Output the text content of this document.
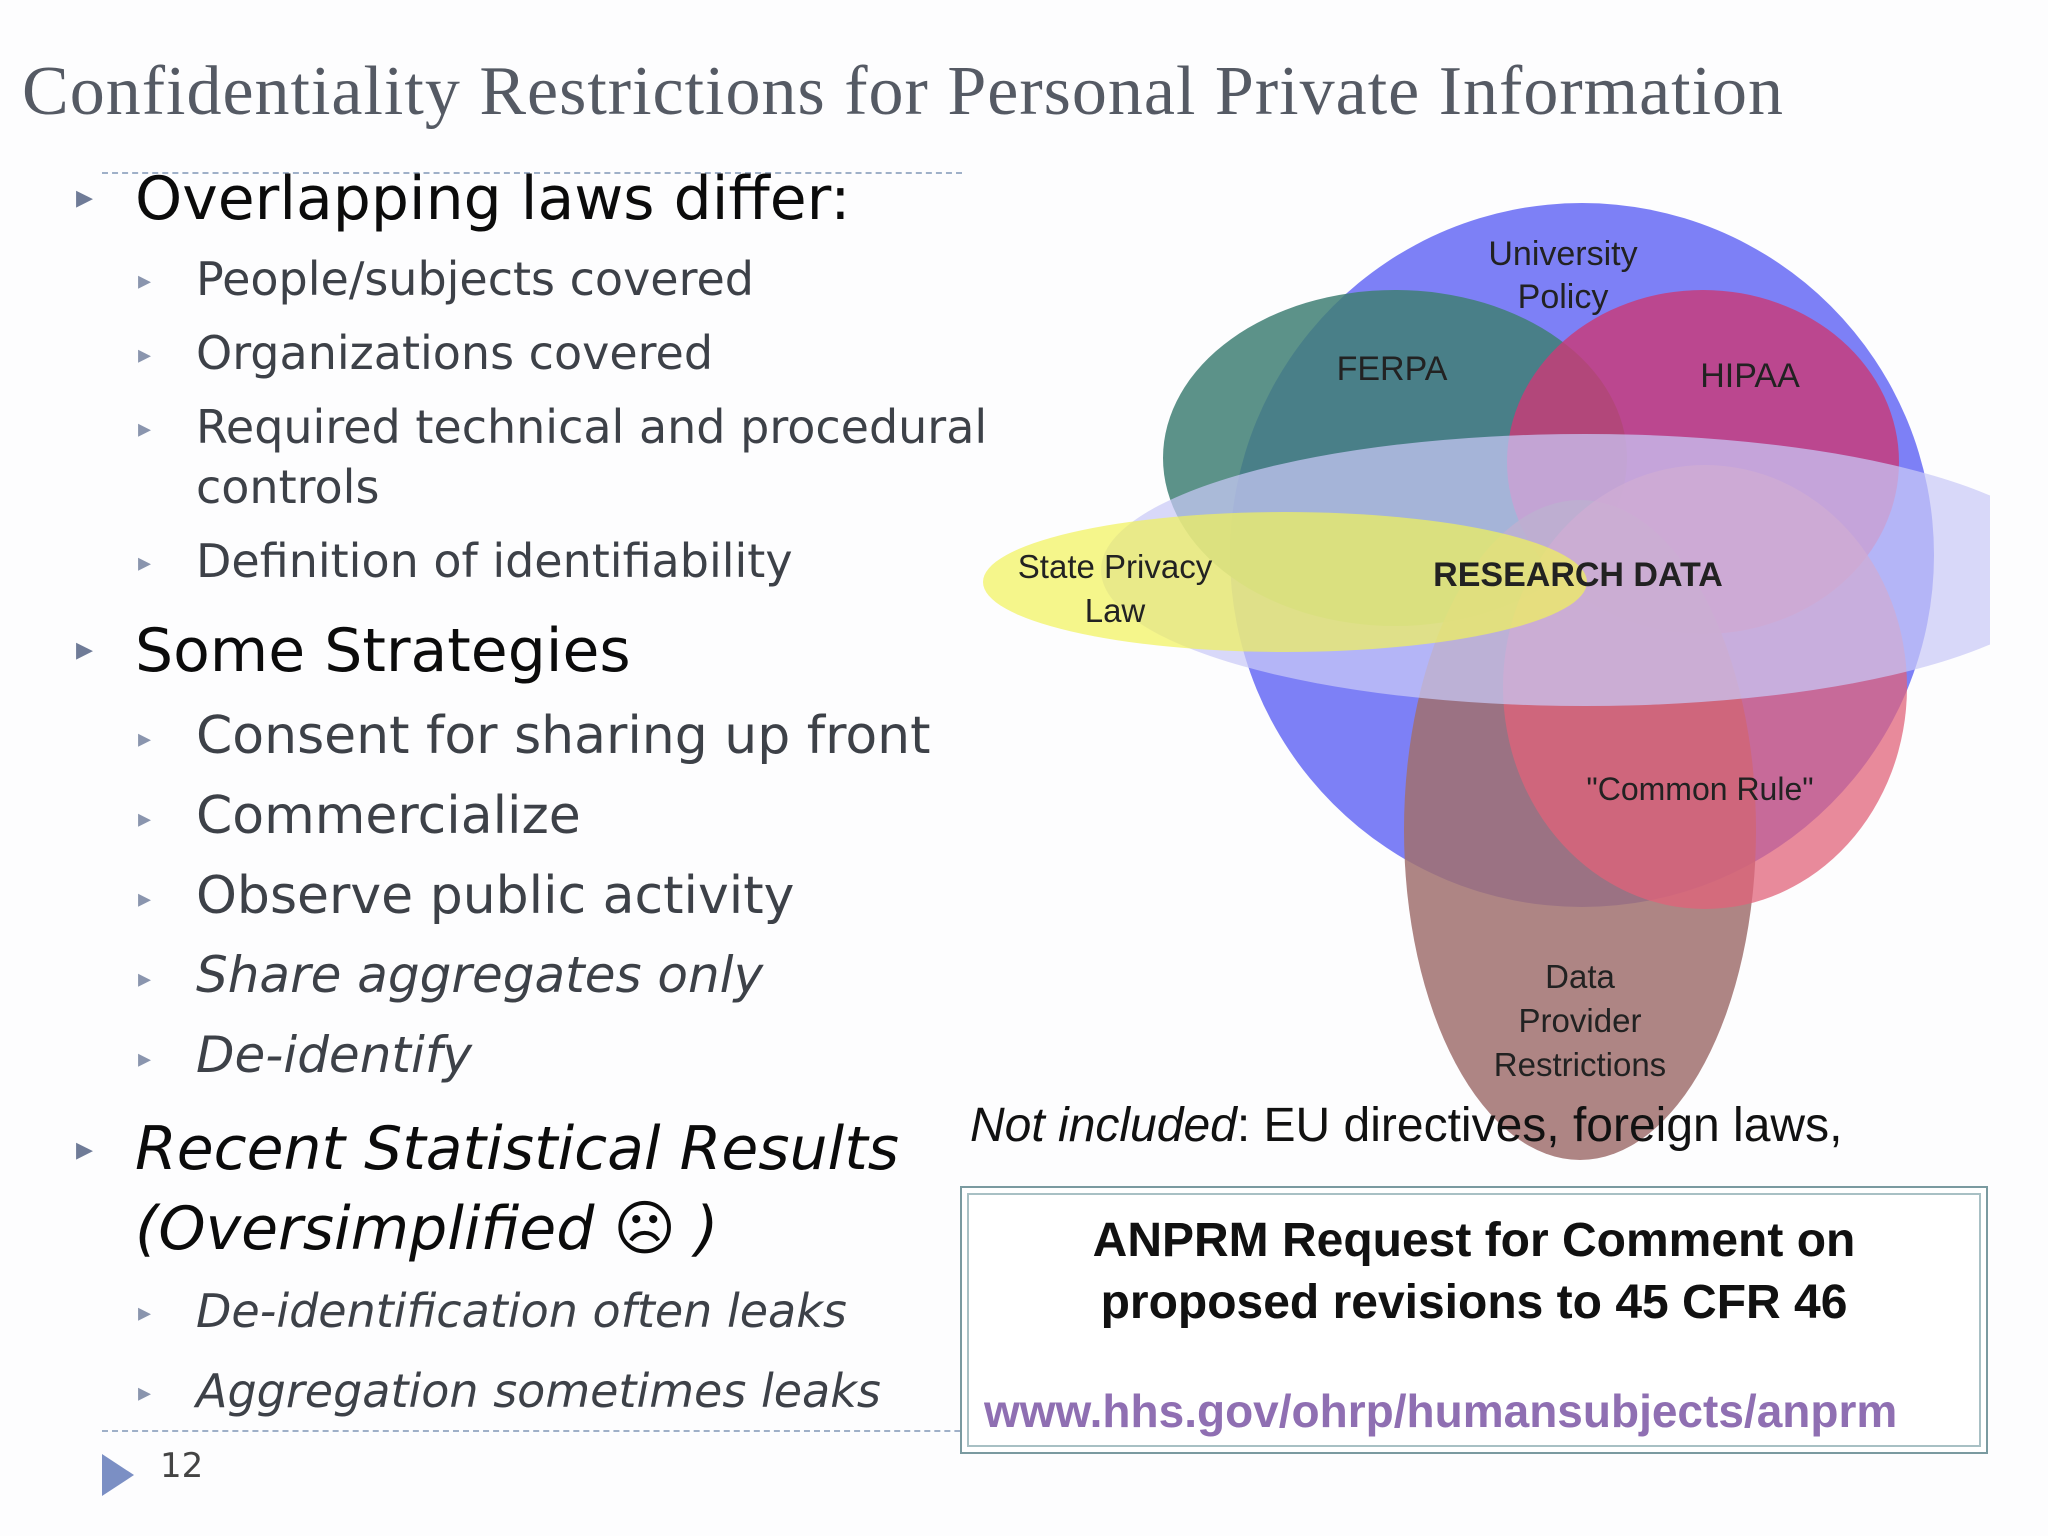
Confidentiality Restrictions for Personal Private Information
▸ Overlapping laws differ:
▸ People/subjects covered
▸ Organizations covered
▸ Required technical and procedural
controls
▸ Definition of identifiability
▸ Some Strategies
▸ Consent for sharing up front
▸ Commercialize
▸ Observe public activity
▸ Share aggregates only
▸ De-identify
▸ Recent Statistical Results
(Oversimplified ☹ )
▸ De-identification often leaks
▸ Aggregation sometimes leaks
University
Policy
FERPA	HIPAA
State Privacy
Law
RESEARCH DATA
"Common Rule"
Data
Provider
Restrictions
Not included: EU directives, foreign laws,
ANPRM Request for Comment on
proposed revisions to 45 CFR 46
www.hhs.gov/ohrp/humansubjects/anprm
12
